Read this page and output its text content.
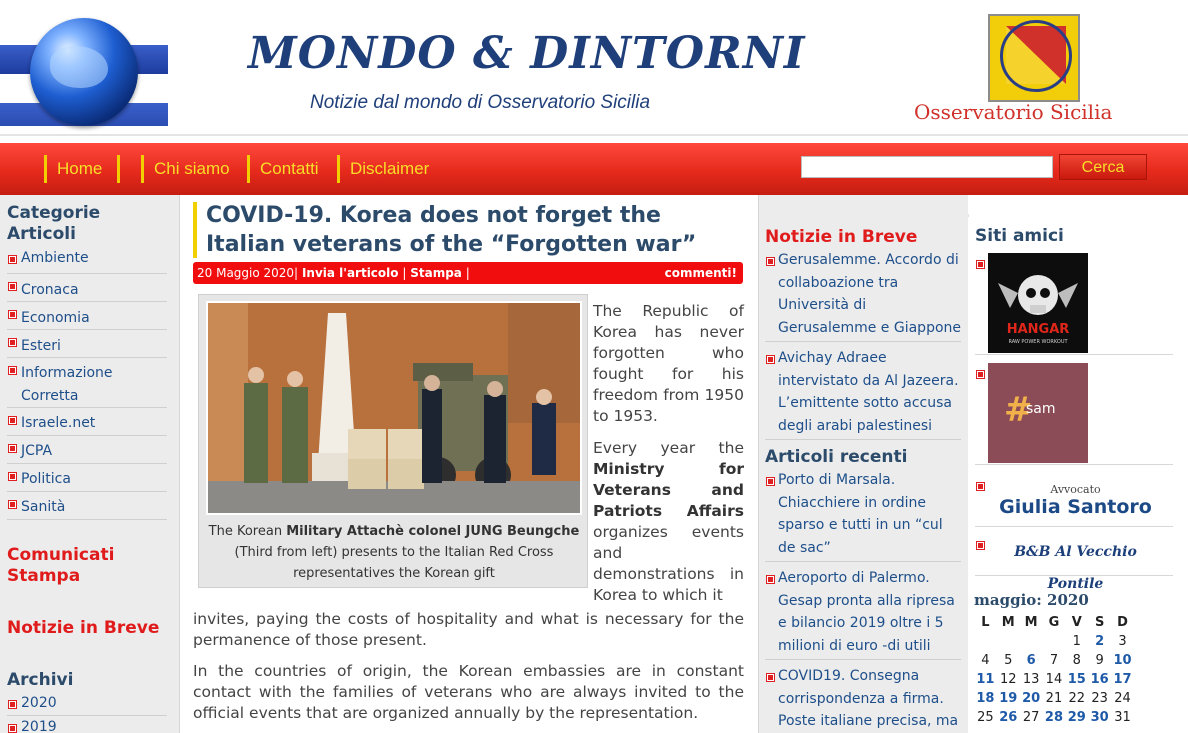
MONDO & DINTORNI
Notizie dal mondo di Osservatorio Sicilia	Osservatorio Sicilia
Home	Chi siamo	Contatti	Disclaimer	Cerca
Categorie Articoli
Ambiente
Cronaca
Economia
Esteri
Informazione Corretta
Israele.net
JCPA
Politica
Sanità
Comunicati Stampa
Notizie in Breve
Archivi
2020
2019
COVID-19. Korea does not forget the Italian veterans of the “Forgotten war”
20 Maggio 2020| Invia l'articolo | Stampa |	commenti!
The Korean Military Attachè colonel JUNG Beungche (Third from left) presents to the Italian Red Cross representatives the Korean gift
The Republic of Korea has never forgotten who fought for his freedom from 1950 to 1953.
Every year the Ministry for Veterans and Patriots Affairs organizes events and demonstrations in Korea to which it
invites, paying the costs of hospitality and what is necessary for the permanence of those present.
In the countries of origin, the Korean embassies are in constant contact with the families of veterans who are always invited to the official events that are organized annually by the representation.
Notizie in Breve
Gerusalemme. Accordo di collaboazione tra Università di Gerusalemme e Giappone
Avichay Adraee intervistato da Al Jazeera. L’emittente sotto accusa degli arabi palestinesi
Articoli recenti
Porto di Marsala. Chiacchiere in ordine sparso e tutti in un “cul de sac”
Aeroporto di Palermo. Gesap pronta alla ripresa e bilancio 2019 oltre i 5 milioni di euro -di utili
COVID19. Consegna corrispondenza a firma. Poste italiane precisa, ma
Siti amici
HANGAR
RAW POWER WORKOUT
#
sam
Avvocato
Giulia Santoro
B&B Al Vecchio Pontile
maggio: 2020
L	M	M	G	V	S	D
				1	2	3
4	5	6	7	8	9	10
11	12	13	14	15	16	17
18	19	20	21	22	23	24
25	26	27	28	29	30	31
